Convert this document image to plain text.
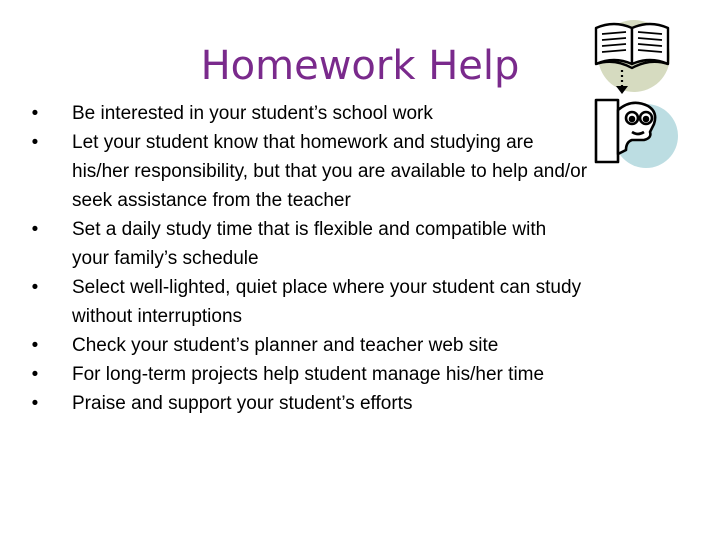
Homework Help
• Be interested in your student’s school work
• Let your student know that homework and studying are his/her responsibility, but that you are available to help and/or seek assistance from the teacher
• Set a daily study time that is flexible and compatible with your family’s schedule
• Select well-lighted, quiet place where your student can study without interruptions
• Check your student’s planner and teacher web site
• For long-term projects help student manage his/her time
• Praise and support your student’s efforts
